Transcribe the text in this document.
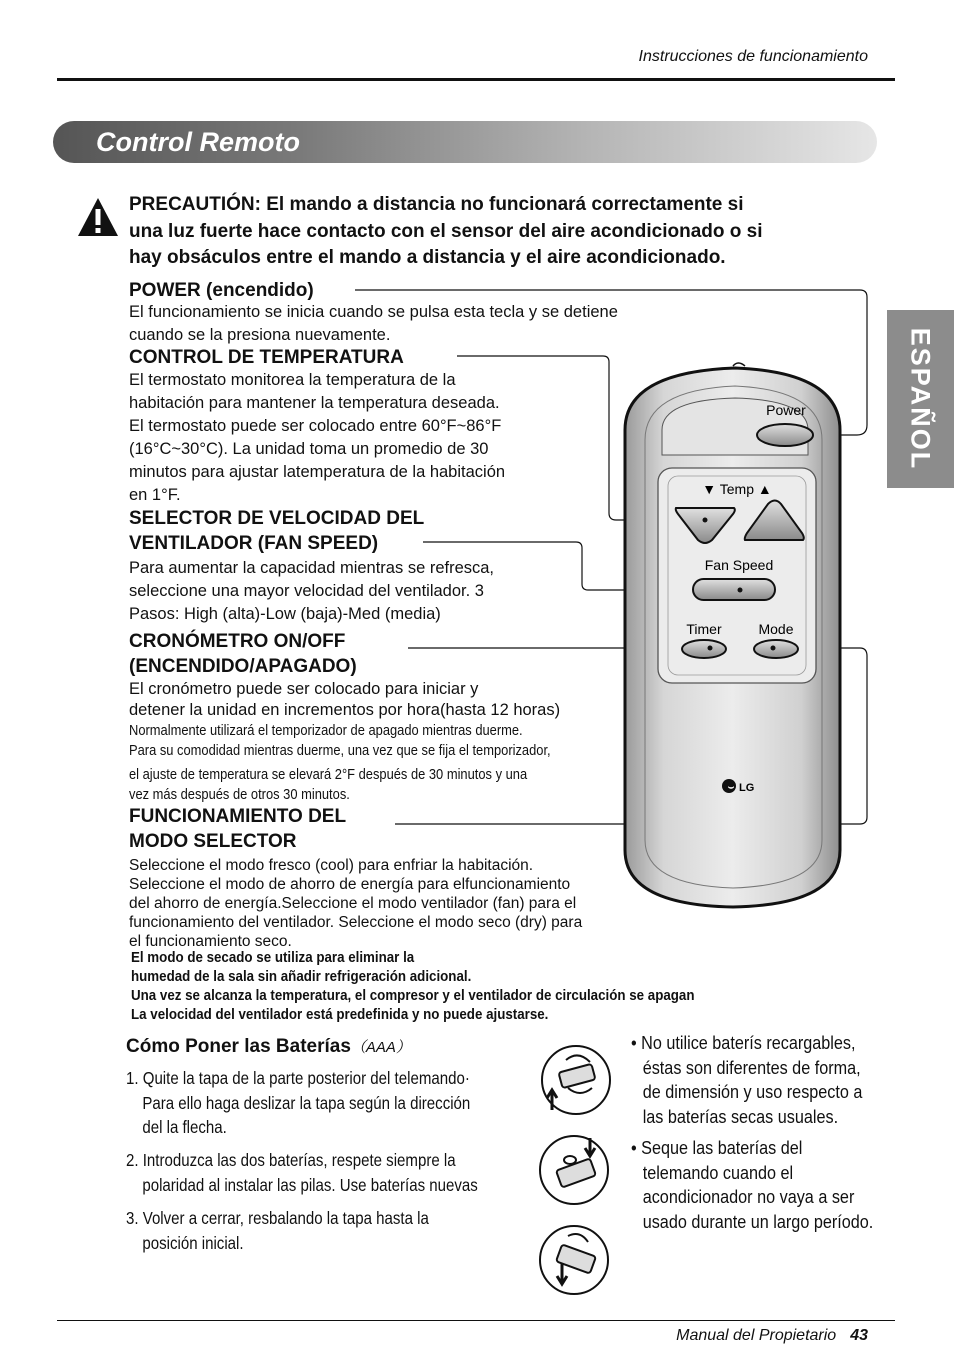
Instrucciones de funcionamiento
Control Remoto
ESPAÑOL
PRECAUTIÓN: El mando a distancia no funcionará correctamente si
una luz fuerte hace contacto con el sensor del aire acondicionado o si
hay obsáculos entre el mando a distancia y el aire acondicionado.
POWER (encendido)
El funcionamiento se inicia cuando se pulsa esta tecla y se detiene
cuando se la presiona nuevamente.
CONTROL DE TEMPERATURA
El termostato monitorea la temperatura de la
habitación para mantener la temperatura deseada.
El termostato puede ser colocado entre 60°F~86°F
(16°C~30°C). La unidad toma un promedio de 30
minutos para ajustar latemperatura de la habitación
en 1°F.
SELECTOR DE VELOCIDAD DEL
VENTILADOR (FAN SPEED)
Para aumentar la capacidad mientras se refresca,
seleccione una mayor velocidad del ventilador. 3
Pasos: High (alta)-Low (baja)-Med (media)
CRONÓMETRO ON/OFF
(ENCENDIDO/APAGADO)
El cronómetro puede ser colocado para iniciar y
detener la unidad en incrementos por hora(hasta 12 horas)
Normalmente utilizará el temporizador de apagado mientras duerme.
Para su comodidad mientras duerme, una vez que se fija el temporizador,
el ajuste de temperatura se elevará 2°F después de 30 minutos y una
vez más después de otros 30 minutos.
FUNCIONAMIENTO DEL
MODO SELECTOR
Seleccione el modo fresco (cool) para enfriar la habitación.
Seleccione el modo de ahorro de energía para elfuncionamiento
del ahorro de energía.Seleccione el modo ventilador (fan) para el
funcionamiento del ventilador. Seleccione el modo seco (dry) para
el funcionamiento seco.
El modo de secado se utiliza para eliminar la
humedad de la sala sin añadir refrigeración adicional.
Una vez se alcanza la temperatura, el compresor y el ventilador de circulación se apagan
La velocidad del ventilador está predefinida y no puede ajustarse.
Power
▼ Temp ▲
Fan Speed
Timer	Mode
⌣ LG
Cómo Poner las Baterías（AAA）
1. Quite la tapa de la parte posterior del telemando·
Para ello haga deslizar la tapa según la dirección
del la flecha.
2. Introduzca las dos baterías, respete siempre la
polaridad al instalar las pilas. Use baterías nuevas
3. Volver a cerrar, resbalando la tapa hasta la
posición inicial.
• No utilice baterís recargables,
éstas son diferentes de forma,
de dimensión y uso respecto a
las baterías secas usuales.
• Seque las baterías del
telemando cuando el
acondicionador no vaya a ser
usado durante un largo período.
Manual del Propietario 43
